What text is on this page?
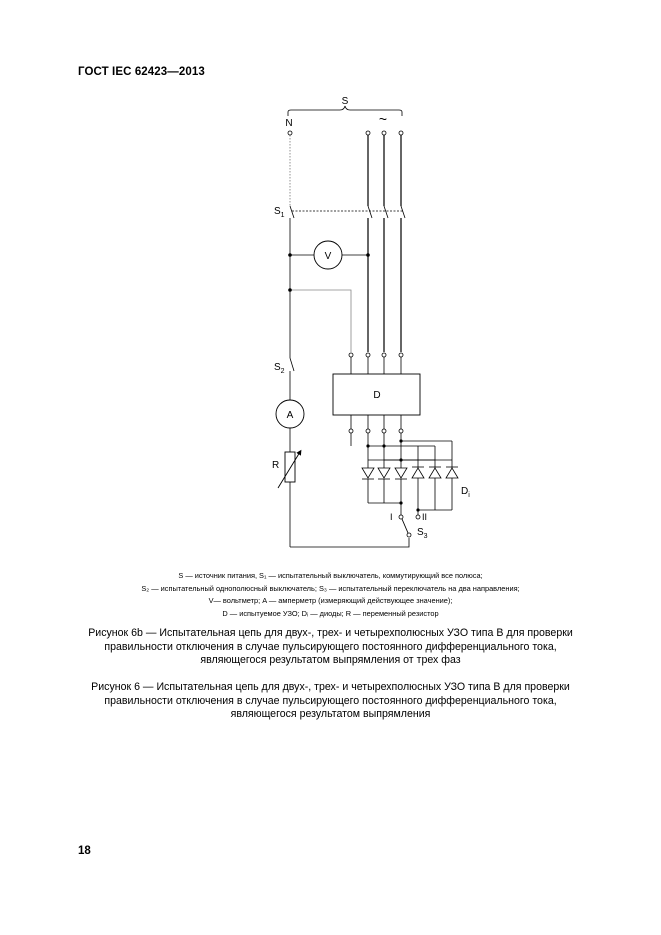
ГОСТ IEC 62423—2013
S
N	~
$S_1$
V
D
$S_2$
A
R
$D_i$
I	II
$S_3$
S — источник питания, S₁ — испытательный выключатель, коммутирующий все полюса;
S₂ — испытательный однополюсный выключатель; S₃ — испытательный переключатель на два направления;
V— вольтметр; A — амперметр (измеряющий действующее значение);
D — испытуемое УЗО; Dᵢ — диоды; R — переменный резистор
Рисунок 6b — Испытательная цепь для двух-, трех- и четырехполюсных УЗО типа B для проверки
правильности отключения в случае пульсирующего постоянного дифференциального тока,
являющегося результатом выпрямления от трех фаз
Рисунок 6 — Испытательная цепь для двух-, трех- и четырехполюсных УЗО типа B для проверки
правильности отключения в случае пульсирующего постоянного дифференциального тока,
являющегося результатом выпрямления
18
